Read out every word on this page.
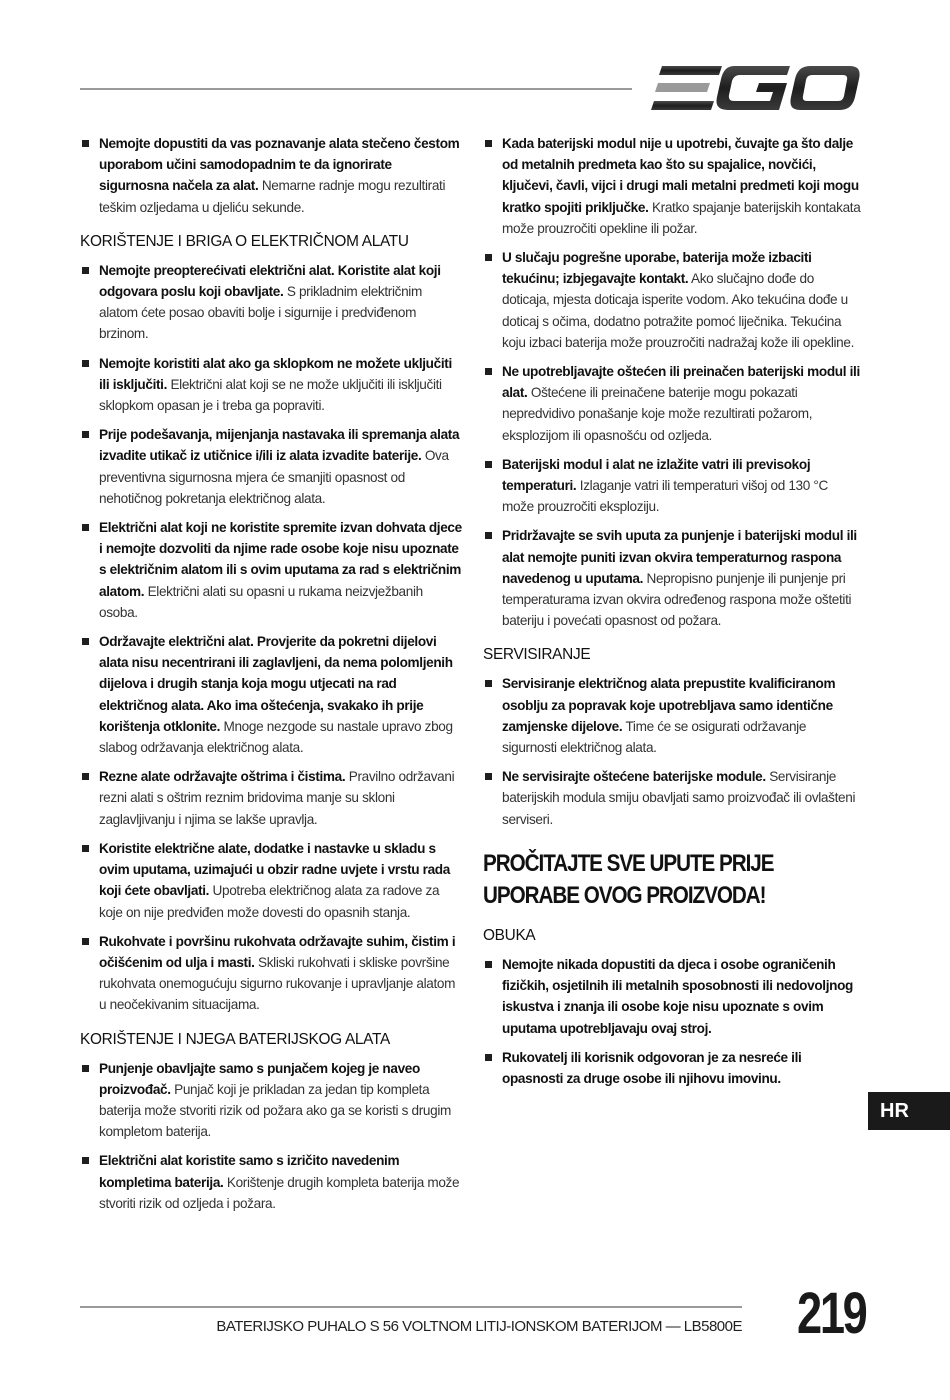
Nemojte dopustiti da vas poznavanje alata stečeno čestom uporabom učini samodopadnim te da ignorirate sigurnosna načela za alat. Nemarne radnje mogu rezultirati teškim ozljedama u djeliću sekunde.
KORIŠTENJE I BRIGA O ELEKTRIČNOM ALATU
Nemojte preopterećivati električni alat. Koristite alat koji odgovara poslu koji obavljate. S prikladnim električnim alatom ćete posao obaviti bolje i sigurnije i predviđenom brzinom.
Nemojte koristiti alat ako ga sklopkom ne možete uključiti ili isključiti. Električni alat koji se ne može uključiti ili isključiti sklopkom opasan je i treba ga popraviti.
Prije podešavanja, mijenjanja nastavaka ili spremanja alata izvadite utikač iz utičnice i/ili iz alata izvadite baterije. Ova preventivna sigurnosna mjera će smanjiti opasnost od nehotičnog pokretanja električnog alata.
Električni alat koji ne koristite spremite izvan dohvata djece i nemojte dozvoliti da njime rade osobe koje nisu upoznate s električnim alatom ili s ovim uputama za rad s električnim alatom. Električni alati su opasni u rukama neizvježbanih osoba.
Održavajte električni alat. Provjerite da pokretni dijelovi alata nisu necentrirani ili zaglavljeni, da nema polomljenih dijelova i drugih stanja koja mogu utjecati na rad električnog alata. Ako ima oštećenja, svakako ih prije korištenja otklonite. Mnoge nezgode su nastale upravo zbog slabog održavanja električnog alata.
Rezne alate održavajte oštrima i čistima. Pravilno održavani rezni alati s oštrim reznim bridovima manje su skloni zaglavljivanju i njima se lakše upravlja.
Koristite električne alate, dodatke i nastavke u skladu s ovim uputama, uzimajući u obzir radne uvjete i vrstu rada koji ćete obavljati. Upotreba električnog alata za radove za koje on nije predviđen može dovesti do opasnih stanja.
Rukohvate i površinu rukohvata održavajte suhim, čistim i očišćenim od ulja i masti. Skliski rukohvati i skliske površine rukohvata onemogućuju sigurno rukovanje i upravljanje alatom u neočekivanim situacijama.
KORIŠTENJE I NJEGA BATERIJSKOG ALATA
Punjenje obavljajte samo s punjačem kojeg je naveo proizvođač. Punjač koji je prikladan za jedan tip kompleta baterija može stvoriti rizik od požara ako ga se koristi s drugim kompletom baterija.
Električni alat koristite samo s izričito navedenim kompletima baterija. Korištenje drugih kompleta baterija može stvoriti rizik od ozljeda i požara.
Kada baterijski modul nije u upotrebi, čuvajte ga što dalje od metalnih predmeta kao što su spajalice, novčići, ključevi, čavli, vijci i drugi mali metalni predmeti koji mogu kratko spojiti priključke. Kratko spajanje baterijskih kontakata može prouzročiti opekline ili požar.
U slučaju pogrešne uporabe, baterija može izbaciti tekućinu; izbjegavajte kontakt. Ako slučajno dođe do doticaja, mjesta doticaja isperite vodom. Ako tekućina dođe u doticaj s očima, dodatno potražite pomoć liječnika. Tekućina koju izbaci baterija može prouzročiti nadražaj kože ili opekline.
Ne upotrebljavajte oštećen ili preinačen baterijski modul ili alat. Oštećene ili preinačene baterije mogu pokazati nepredvidivo ponašanje koje može rezultirati požarom, eksplozijom ili opasnošću od ozljeda.
Baterijski modul i alat ne izlažite vatri ili previsokoj temperaturi. Izlaganje vatri ili temperaturi višoj od 130 °C može prouzročiti eksploziju.
Pridržavajte se svih uputa za punjenje i baterijski modul ili alat nemojte puniti izvan okvira temperaturnog raspona navedenog u uputama. Nepropisno punjenje ili punjenje pri temperaturama izvan okvira određenog raspona može oštetiti bateriju i povećati opasnost od požara.
SERVISIRANJE
Servisiranje električnog alata prepustite kvalificiranom osoblju za popravak koje upotrebljava samo identične zamjenske dijelove. Time će se osigurati održavanje sigurnosti električnog alata.
Ne servisirajte oštećene baterijske module. Servisiranje baterijskih modula smiju obavljati samo proizvođač ili ovlašteni serviseri.
PROČITAJTE SVE UPUTE PRIJE UPORABE OVOG PROIZVODA!
OBUKA
Nemojte nikada dopustiti da djeca i osobe ograničenih fizičkih, osjetilnih ili metalnih sposobnosti ili nedovoljnog iskustva i znanja ili osobe koje nisu upoznate s ovim uputama upotrebljavaju ovaj stroj.
Rukovatelj ili korisnik odgovoran je za nesreće ili opasnosti za druge osobe ili njihovu imovinu.
HR
BATERIJSKO PUHALO S 56 VOLTNOM LITIJ-IONSKOM BATERIJOM — LB5800E 219
